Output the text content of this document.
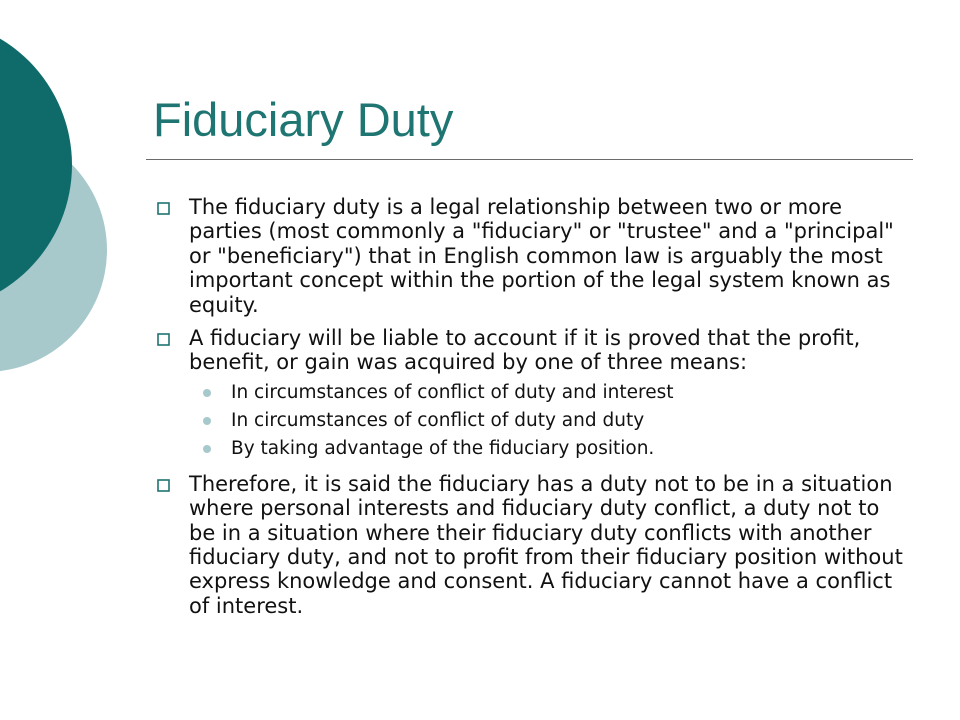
Fiduciary Duty
The fiduciary duty is a legal relationship between two or more parties (most commonly a "fiduciary" or "trustee" and a "principal" or "beneficiary") that in English common law is arguably the most important concept within the portion of the legal system known as equity.
A fiduciary will be liable to account if it is proved that the profit, benefit, or gain was acquired by one of three means:
In circumstances of conflict of duty and interest
In circumstances of conflict of duty and duty
By taking advantage of the fiduciary position.
Therefore, it is said the fiduciary has a duty not to be in a situation where personal interests and fiduciary duty conflict, a duty not to be in a situation where their fiduciary duty conflicts with another fiduciary duty, and not to profit from their fiduciary position without express knowledge and consent. A fiduciary cannot have a conflict of interest.
